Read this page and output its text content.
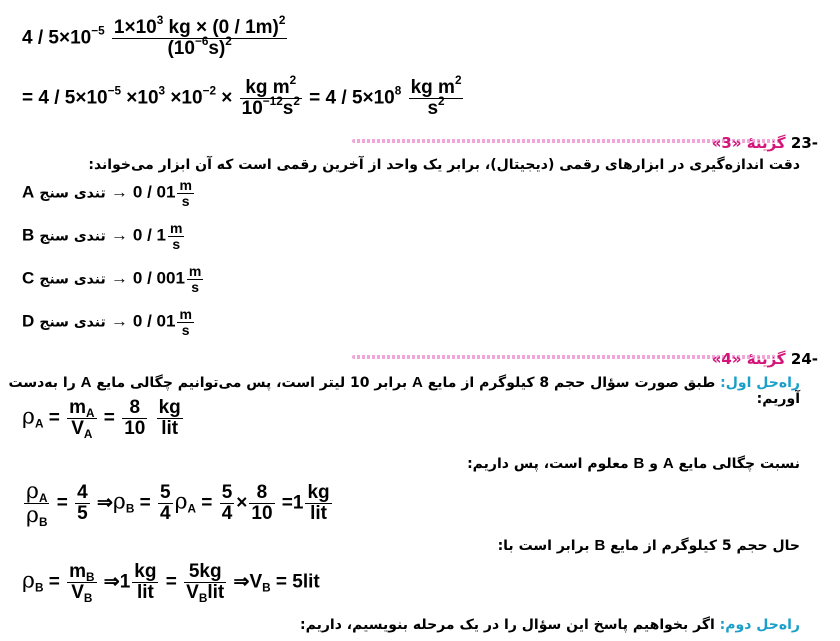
$4 / 5\times 10^{-5} \frac{1\times 10^3 kg \times (0 / 1m)^2}{(10^{-6}s)^2}$
= $4 / 5\times 10^{-5} \times 10^3 \times 10^{-2} \times \frac{kg m^2}{10^{-12}s^2} = 4 / 5\times 10^8 \frac{kg m^2}{s^2}$
-23 گزینهٔ «3»
دقت اندازه‌گیری در ابزارهای رقمی (دیجیتال)، برابر یک واحد از آخرین رقمی است که آن ابزار می‌خواند:
A تندی سنج → $0 / 01 \frac{m}{s}$
B تندی سنج → $0 / 1 \frac{m}{s}$
C تندی سنج → $0 / 001 \frac{m}{s}$
D تندی سنج → $0 / 01 \frac{m}{s}$
-24 گزینهٔ «4»
راه‌حل اول: طبق صورت سؤال حجم 8 کیلوگرم از مایع A برابر 10 لیتر است، پس می‌توانیم چگالی مایع A را به‌دست آوریم:
$\rho_A = \frac{m_A}{V_A} = \frac{8}{10}$
$\frac{kg}{\text{lit}}$
نسبت چگالی مایع A و B معلوم است، پس داریم:
$\frac{\rho_A}{\rho_B} = \frac{4}{5}$ $\Rightarrow\rho_B = \frac{5}{4} \rho_A = \frac{5}{4} \times \frac{8}{10} =1 \frac{kg}{\text{lit}}$
حال حجم 5 کیلوگرم از مایع B برابر است با:
$\rho_B = \frac{m_B}{V_B}$ ⇒1 $\frac{kg}{\text{lit}} = \frac{5kg}{V_Blit}$ $\Rightarrow V_B = 5lit$
راه‌حل دوم: اگر بخواهیم پاسخ این سؤال را در یک مرحله بنویسیم، داریم:
